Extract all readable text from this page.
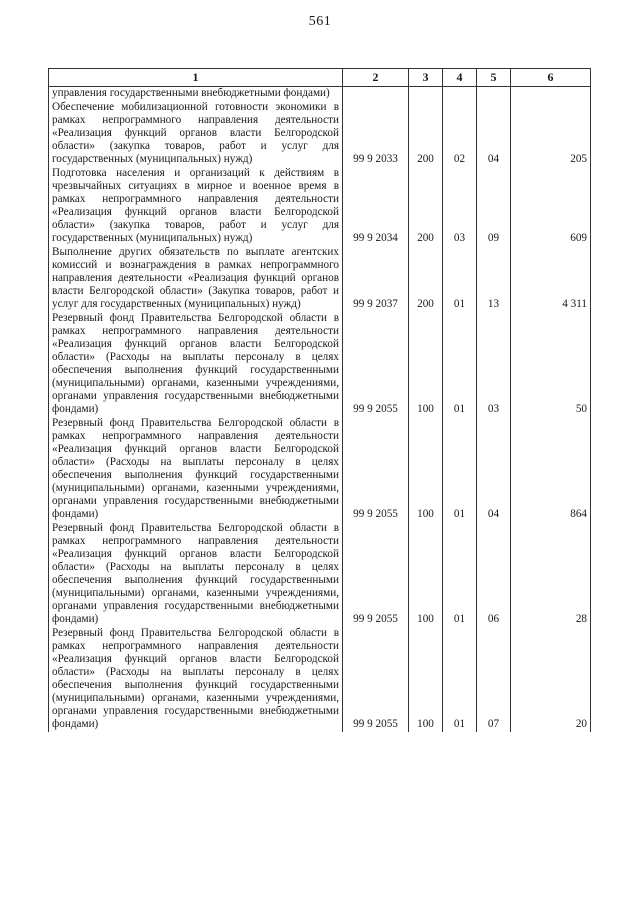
561
1	2	3	4	5	6
управления государственными внебюджетными фондами)					
Обеспечение мобилизационной готовности экономики в рамках непрограммного направления деятельности «Реализация функций органов власти Белгородской области» (закупка товаров, работ и услуг для государственных (муниципальных) нужд)	99 9 2033	200	02	04	205
Подготовка населения и организаций к действиям в чрезвычайных ситуациях в мирное и военное время в рамках непрограммного направления деятельности «Реализация функций органов власти Белгородской области» (закупка товаров, работ и услуг для государственных (муниципальных) нужд)	99 9 2034	200	03	09	609
Выполнение других обязательств по выплате агентских комиссий и вознаграждения в рамках непрограммного направления деятельности «Реализация функций органов власти Белгородской области» (Закупка товаров, работ и услуг для государственных (муниципальных) нужд)	99 9 2037	200	01	13	4 311
Резервный фонд Правительства Белгородской области в рамках непрограммного направления деятельности «Реализация функций органов власти Белгородской области» (Расходы на выплаты персоналу в целях обеспечения выполнения функций государственными (муниципальными) органами, казенными учреждениями, органами управления государственными внебюджетными фондами)	99 9 2055	100	01	03	50
Резервный фонд Правительства Белгородской области в рамках непрограммного направления деятельности «Реализация функций органов власти Белгородской области» (Расходы на выплаты персоналу в целях обеспечения выполнения функций государственными (муниципальными) органами, казенными учреждениями, органами управления государственными внебюджетными фондами)	99 9 2055	100	01	04	864
Резервный фонд Правительства Белгородской области в рамках непрограммного направления деятельности «Реализация функций органов власти Белгородской области» (Расходы на выплаты персоналу в целях обеспечения выполнения функций государственными (муниципальными) органами, казенными учреждениями, органами управления государственными внебюджетными фондами)	99 9 2055	100	01	06	28
Резервный фонд Правительства Белгородской области в рамках непрограммного направления деятельности «Реализация функций органов власти Белгородской области» (Расходы на выплаты персоналу в целях обеспечения выполнения функций государственными (муниципальными) органами, казенными учреждениями, органами управления государственными внебюджетными фондами)	99 9 2055	100	01	07	20
